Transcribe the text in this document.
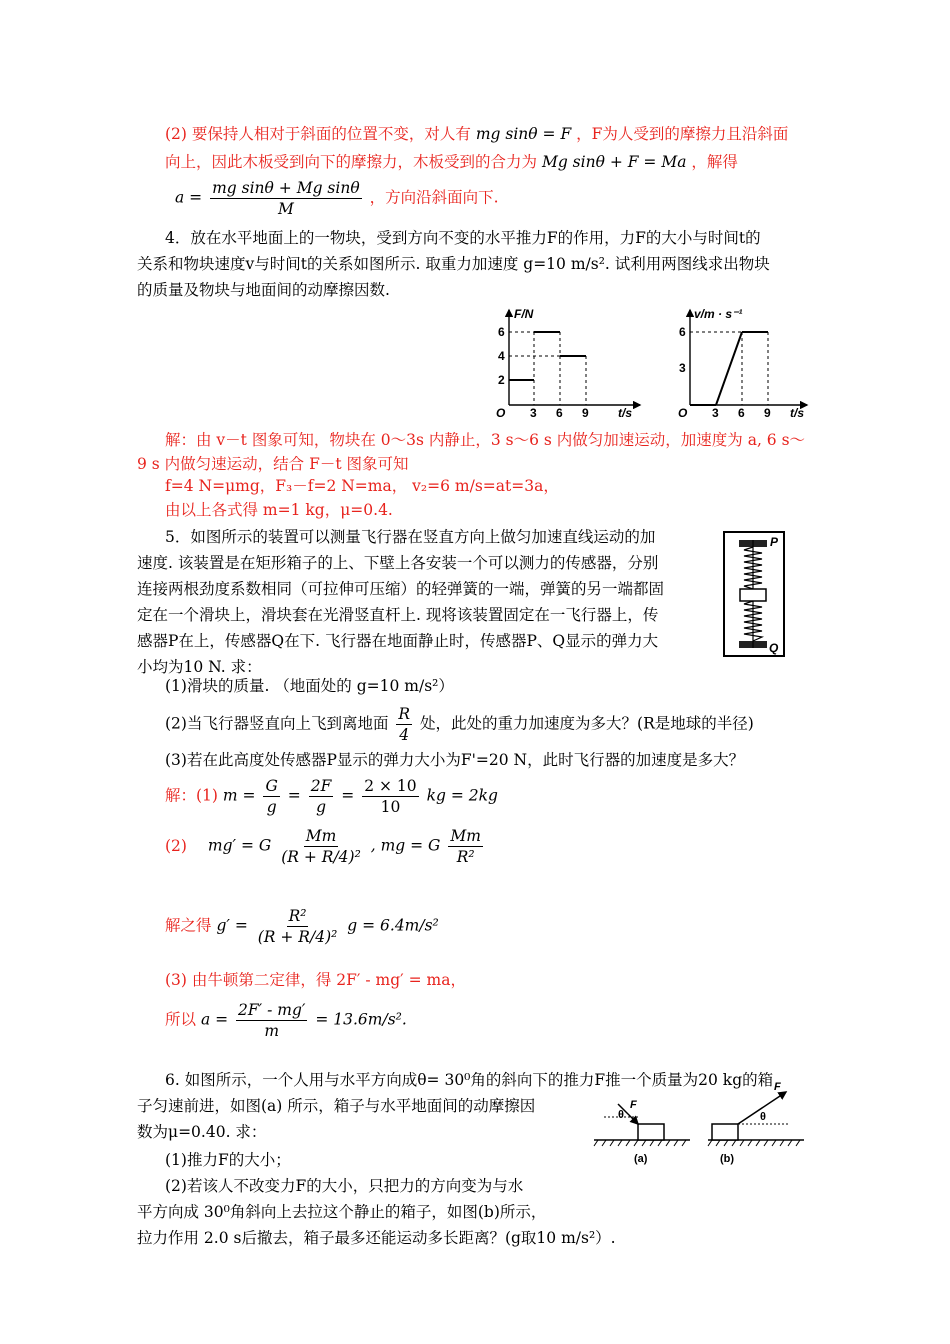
(2) 要保持人相对于斜面的位置不变，对人有 mg sinθ = F ，F为人受到的摩擦力且沿斜面
向上，因此木板受到向下的摩擦力，木板受到的合力为 Mg sinθ + F = Ma ，解得
$a = \frac{\text{mg sinθ + Mg sinθ}}{M}$ ，方向沿斜面向下.
4．放在水平地面上的一物块，受到方向不变的水平推力F的作用，力F的大小与时间t的
关系和物块速度v与时间t的关系如图所示. 取重力加速度 g=10 m/s². 试利用两图线求出物块
的质量及物块与地面间的动摩擦因数.
F/N
2
4
6
O 3 6 9 t/s
v/m · s⁻¹
3
6
O 3 6 9 t/s
解：由 v－t 图象可知，物块在 0～3s 内静止，3 s～6 s 内做匀加速运动，加速度为 a, 6 s～
9 s 内做匀速运动，结合 F－t 图象可知
f=4 N=μmg，F₃－f=2 N=ma， v₂=6 m/s=at=3a，
由以上各式得 m=1 kg，μ=0.4.
5．如图所示的装置可以测量飞行器在竖直方向上做匀加速直线运动的加
速度. 该装置是在矩形箱子的上、下壁上各安装一个可以测力的传感器，分别
连接两根劲度系数相同（可拉伸可压缩）的轻弹簧的一端，弹簧的另一端都固
定在一个滑块上，滑块套在光滑竖直杆上. 现将该装置固定在一飞行器上，传
感器P在上，传感器Q在下. 飞行器在地面静止时，传感器P、Q显示的弹力大
小均为10 N. 求：
P
Q
(1)滑块的质量. （地面处的 g=10 m/s²）
(2)当飞行器竖直向上飞到离地面 $\frac{R}{4}$ 处，此处的重力加速度为多大？(R是地球的半径)
(3)若在此高度处传感器P显示的弹力大小为F'=20 N，此时飞行器的加速度是多大？
解：(1) $m = \frac{G}{g} = \frac{2F}{g} = \frac{2 \times 10}{10}$ kg = 2kg
(2) mg′ = G $\frac{Mm}{\text{(R + R/4)²}}$ , mg = G $\frac{Mm}{\text{R²}}$
解之得 $g' = \frac{\text{R²}}{\text{(R + R/4)²}}$ g = 6.4m/s²
(3) 由牛顿第二定律，得 2F′ - mg′ = ma，
所以 $a = \frac{2F' - mg'}{m} = 13.6m/s^2$.
6. 如图所示，一个人用与水平方向成θ= 30⁰角的斜向下的推力F推一个质量为20 kg的箱
子匀速前进，如图(a) 所示，箱子与水平地面间的动摩擦因
数为μ=0.40. 求：
(1)推力F的大小；
(2)若该人不改变力F的大小，只把力的方向变为与水
平方向成 30⁰角斜向上去拉这个静止的箱子，如图(b)所示，
拉力作用 2.0 s后撤去，箱子最多还能运动多长距离？(g取10 m/s²）.
θ
F
(a)
θ
F
(b)
